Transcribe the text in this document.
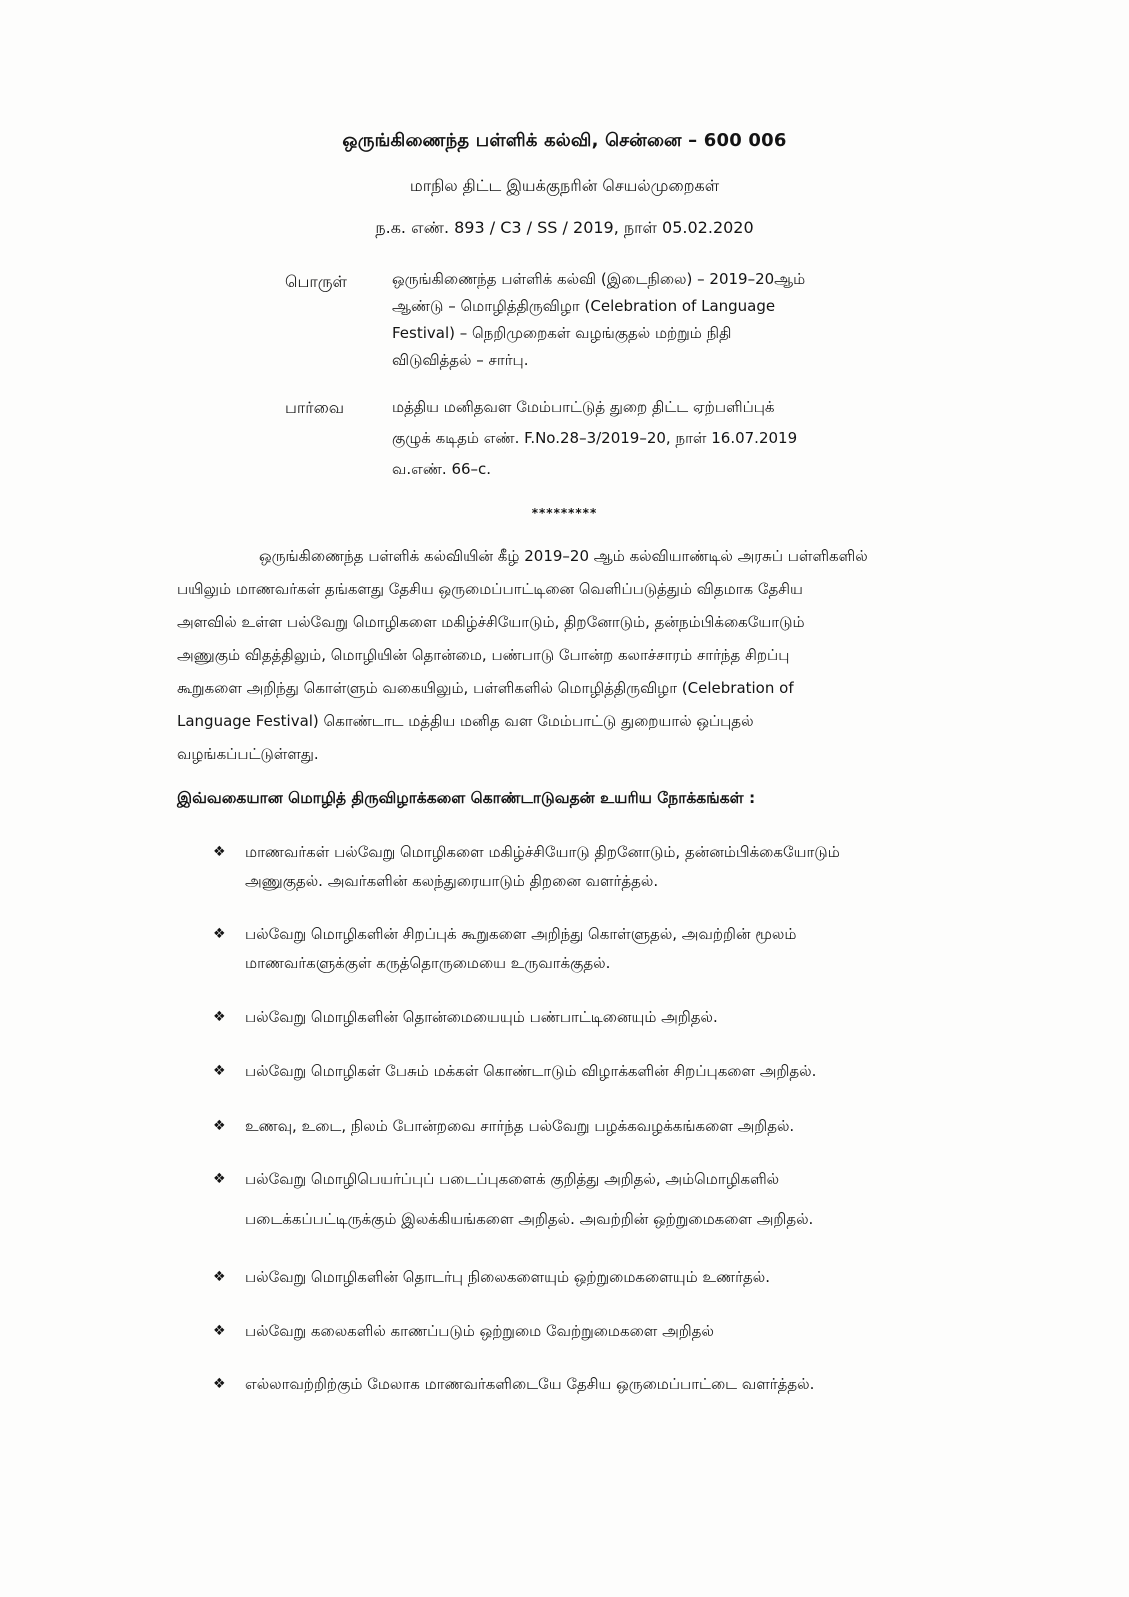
ஒருங்கிணைந்த பள்ளிக் கல்வி, சென்னை – 600 006
மாநில திட்ட இயக்குநரின் செயல்முறைகள்
ந.க. எண். 893 / C3 / SS / 2019, நாள் 05.02.2020
பொருள்	ஒருங்கிணைந்த பள்ளிக் கல்வி (இடைநிலை) – 2019–20ஆம்
ஆண்டு – மொழித்திருவிழா (Celebration of Language
Festival) – நெறிமுறைகள் வழங்குதல் மற்றும் நிதி
விடுவித்தல் – சார்பு.
பார்வை	மத்திய மனிதவள மேம்பாட்டுத் துறை திட்ட ஏற்பளிப்புக்
குழுக் கடிதம் எண். F.No.28–3/2019–20, நாள் 16.07.2019
வ.எண். 66–c.
*********
ஒருங்கிணைந்த பள்ளிக் கல்வியின் கீழ் 2019–20 ஆம் கல்வியாண்டில் அரசுப் பள்ளிகளில்
பயிலும் மாணவர்கள் தங்களது தேசிய ஒருமைப்பாட்டினை வெளிப்படுத்தும் விதமாக தேசிய
அளவில் உள்ள பல்வேறு மொழிகளை மகிழ்ச்சியோடும், திறனோடும், தன்நம்பிக்கையோடும்
அணுகும் விதத்திலும், மொழியின் தொன்மை, பண்பாடு போன்ற கலாச்சாரம் சார்ந்த சிறப்பு
கூறுகளை அறிந்து கொள்ளும் வகையிலும், பள்ளிகளில் மொழித்திருவிழா (Celebration of
Language Festival) கொண்டாட மத்திய மனித வள மேம்பாட்டு துறையால் ஒப்புதல்
வழங்கப்பட்டுள்ளது.
இவ்வகையான மொழித் திருவிழாக்களை கொண்டாடுவதன் உயரிய நோக்கங்கள் :
❖	மாணவர்கள் பல்வேறு மொழிகளை மகிழ்ச்சியோடு திறனோடும், தன்னம்பிக்கையோடும்
அணுகுதல். அவர்களின் கலந்துரையாடும் திறனை வளர்த்தல்.
❖	பல்வேறு மொழிகளின் சிறப்புக் கூறுகளை அறிந்து கொள்ளுதல், அவற்றின் மூலம்
மாணவர்களுக்குள் கருத்தொருமையை உருவாக்குதல்.
❖	பல்வேறு மொழிகளின் தொன்மையையும் பண்பாட்டினையும் அறிதல்.
❖	பல்வேறு மொழிகள் பேசும் மக்கள் கொண்டாடும் விழாக்களின் சிறப்புகளை அறிதல்.
❖	உணவு, உடை, நிலம் போன்றவை சார்ந்த பல்வேறு பழக்கவழக்கங்களை அறிதல்.
❖	பல்வேறு மொழிபெயர்ப்புப் படைப்புகளைக் குறித்து அறிதல், அம்மொழிகளில்
படைக்கப்பட்டிருக்கும் இலக்கியங்களை அறிதல். அவற்றின் ஒற்றுமைகளை அறிதல்.
❖	பல்வேறு மொழிகளின் தொடர்பு நிலைகளையும் ஒற்றுமைகளையும் உணர்தல்.
❖	பல்வேறு கலைகளில் காணப்படும் ஒற்றுமை வேற்றுமைகளை அறிதல்
❖	எல்லாவற்றிற்கும் மேலாக மாணவர்களிடையே தேசிய ஒருமைப்பாட்டை வளர்த்தல்.
